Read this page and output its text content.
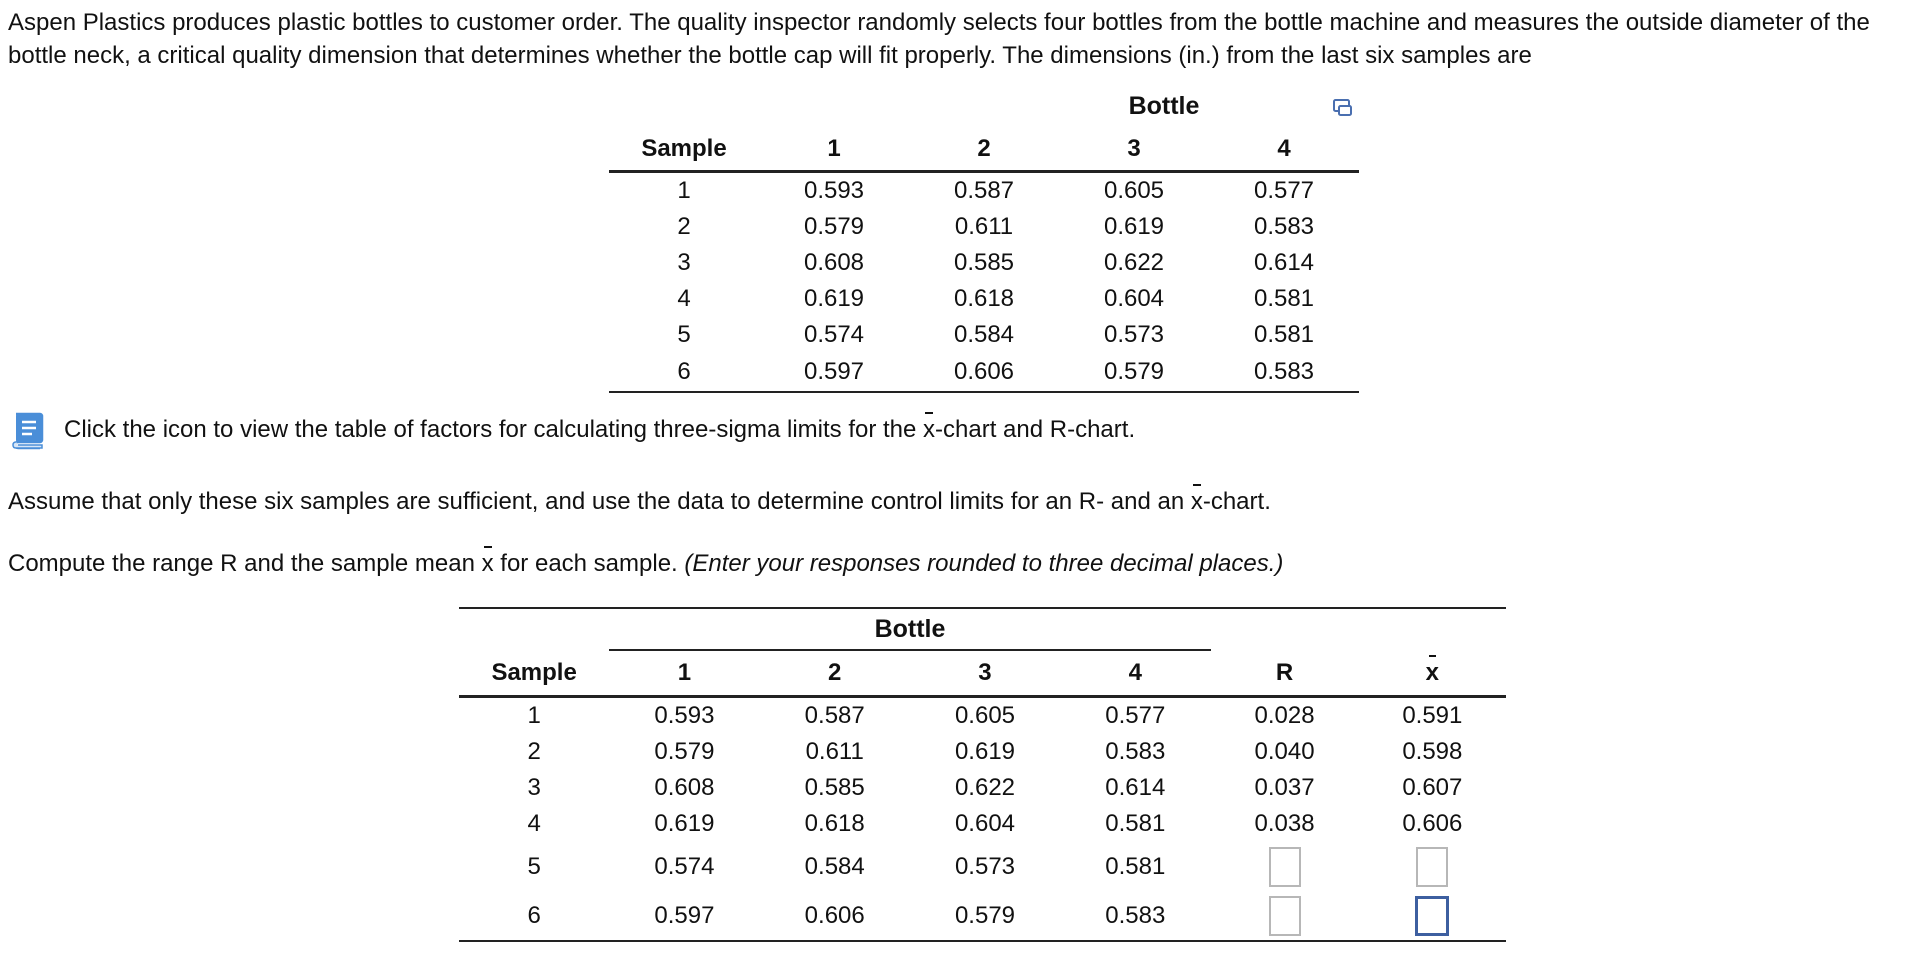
Aspen Plastics produces plastic bottles to customer order. The quality inspector randomly selects four bottles from the bottle machine and measures the outside diameter of the bottle neck, a critical quality dimension that determines whether the bottle cap will fit properly. The dimensions (in.) from the last six samples are

Bottle
Sample	1	2	3	4
1	0.593	0.587	0.605	0.577
2	0.579	0.611	0.619	0.583
3	0.608	0.585	0.622	0.614
4	0.619	0.618	0.604	0.581
5	0.574	0.584	0.573	0.581
6	0.597	0.606	0.579	0.583
Click the icon to view the table of factors for calculating three-sigma limits for the x-chart and R-chart.

Assume that only these six samples are sufficient, and use the data to determine control limits for an R- and an x-chart.

Compute the range R and the sample mean x for each sample. (Enter your responses rounded to three decimal places.)

Bottle
Sample	1	2	3	4	R	x
1	0.593	0.587	0.605	0.577	0.028	0.591
2	0.579	0.611	0.619	0.583	0.040	0.598
3	0.608	0.585	0.622	0.614	0.037	0.607
4	0.619	0.618	0.604	0.581	0.038	0.606
5	0.574	0.584	0.573	0.581		
6	0.597	0.606	0.579	0.583		
